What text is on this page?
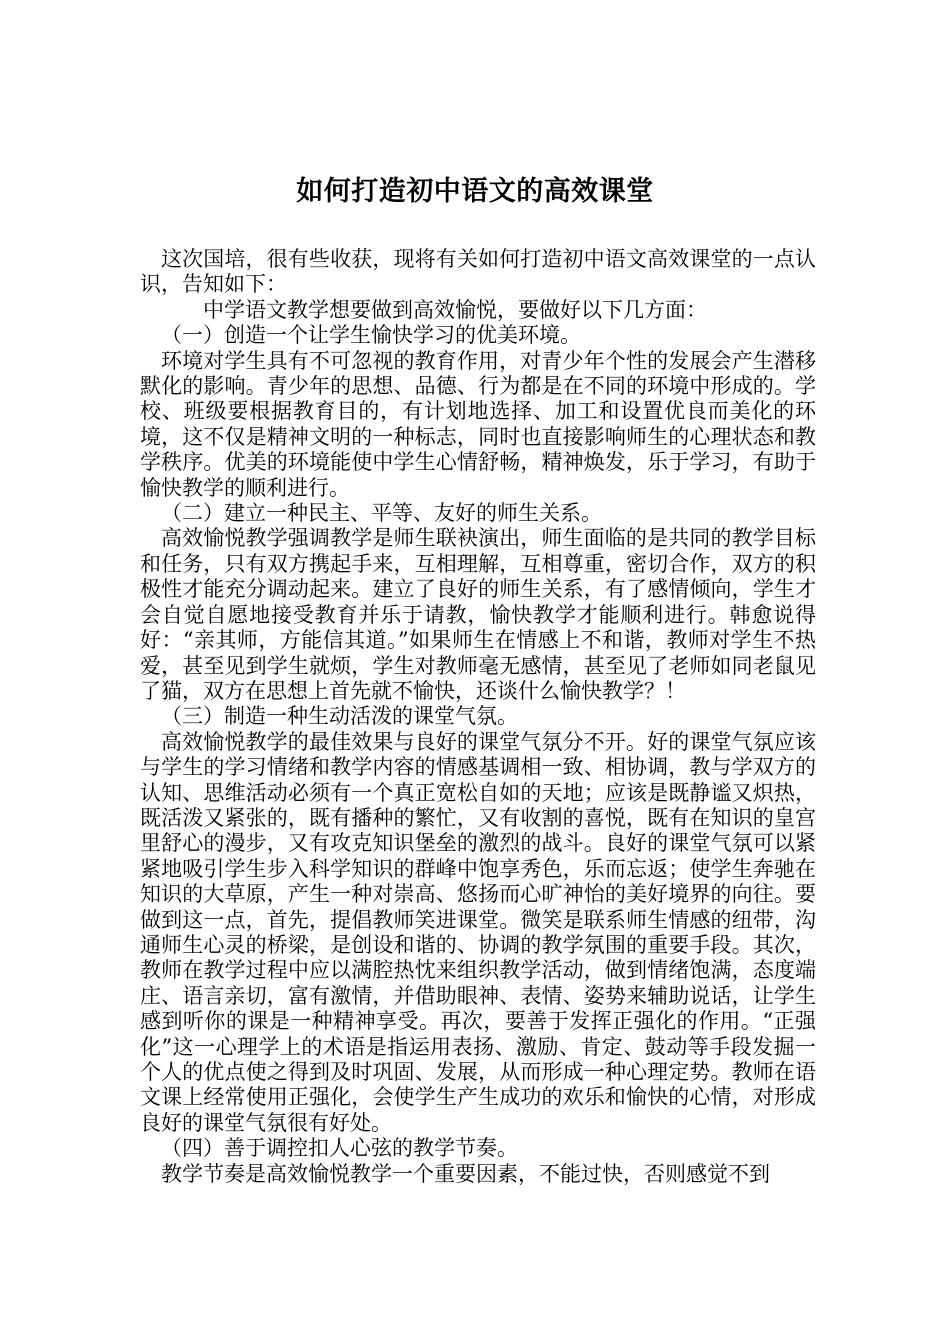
如何打造初中语文的高效课堂

这次国培，很有些收获，现将有关如何打造初中语文高效课堂的一点认识，告知如下：

中学语文教学想要做到高效愉悦，要做好以下几方面：

（一）创造一个让学生愉快学习的优美环境。

环境对学生具有不可忽视的教育作用，对青少年个性的发展会产生潜移默化的影响。青少年的思想、品德、行为都是在不同的环境中形成的。学校、班级要根据教育目的，有计划地选择、加工和设置优良而美化的环境，这不仅是精神文明的一种标志，同时也直接影响师生的心理状态和教学秩序。优美的环境能使中学生心情舒畅，精神焕发，乐于学习，有助于愉快教学的顺利进行。

（二）建立一种民主、平等、友好的师生关系。

高效愉悦教学强调教学是师生联袂演出，师生面临的是共同的教学目标和任务，只有双方携起手来，互相理解，互相尊重，密切合作，双方的积极性才能充分调动起来。建立了良好的师生关系，有了感情倾向，学生才会自觉自愿地接受教育并乐于请教，愉快教学才能顺利进行。韩愈说得好：“亲其师，方能信其道。”如果师生在情感上不和谐，教师对学生不热爱，甚至见到学生就烦，学生对教师毫无感情，甚至见了老师如同老鼠见了猫，双方在思想上首先就不愉快，还谈什么愉快教学？！

（三）制造一种生动活泼的课堂气氛。

高效愉悦教学的最佳效果与良好的课堂气氛分不开。好的课堂气氛应该与学生的学习情绪和教学内容的情感基调相一致、相协调，教与学双方的认知、思维活动必须有一个真正宽松自如的天地；应该是既静谧又炽热，既活泼又紧张的，既有播种的繁忙，又有收割的喜悦，既有在知识的皇宫里舒心的漫步，又有攻克知识堡垒的激烈的战斗。良好的课堂气氛可以紧紧地吸引学生步入科学知识的群峰中饱享秀色，乐而忘返；使学生奔驰在知识的大草原，产生一种对崇高、悠扬而心旷神怡的美好境界的向往。要做到这一点，首先，提倡教师笑进课堂。微笑是联系师生情感的纽带，沟通师生心灵的桥梁，是创设和谐的、协调的教学氛围的重要手段。其次，教师在教学过程中应以满腔热忱来组织教学活动，做到情绪饱满，态度端庄、语言亲切，富有激情，并借助眼神、表情、姿势来辅助说话，让学生感到听你的课是一种精神享受。再次，要善于发挥正强化的作用。“正强化”这一心理学上的术语是指运用表扬、激励、肯定、鼓动等手段发掘一个人的优点使之得到及时巩固、发展，从而形成一种心理定势。教师在语文课上经常使用正强化，会使学生产生成功的欢乐和愉快的心情，对形成良好的课堂气氛很有好处。

（四）善于调控扣人心弦的教学节奏。

教学节奏是高效愉悦教学一个重要因素，不能过快，否则感觉不到
